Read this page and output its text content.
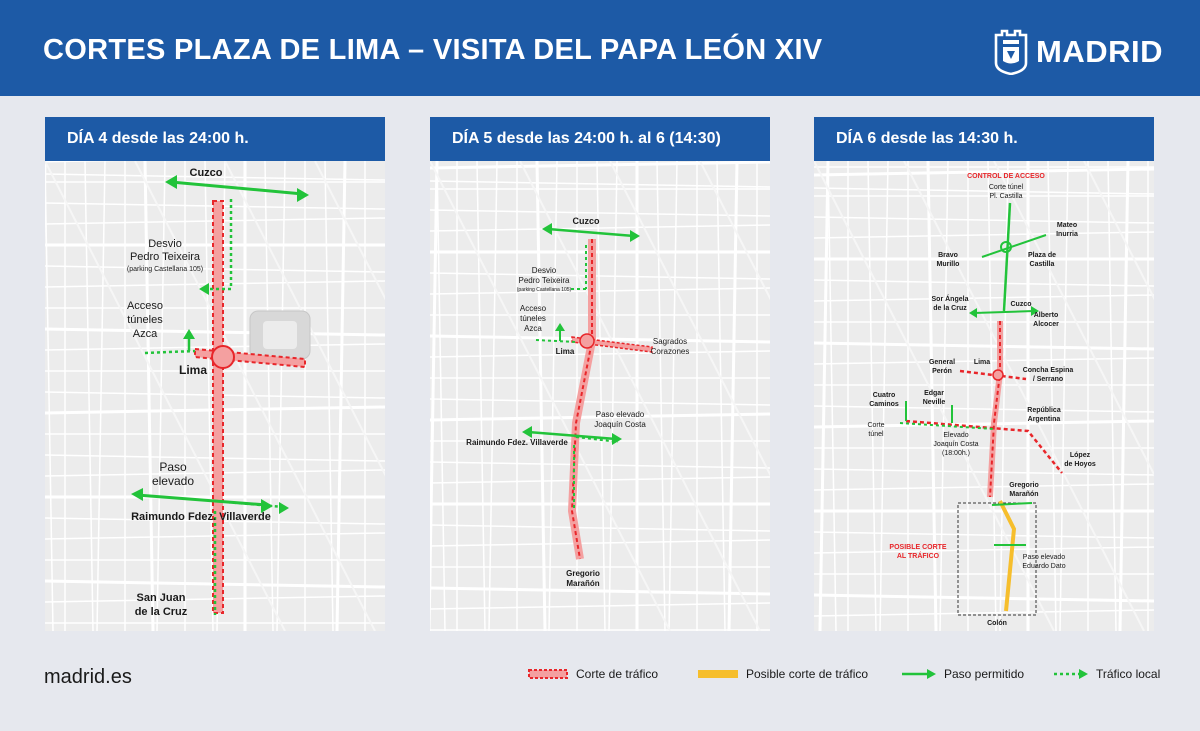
CORTES PLAZA DE LIMA – VISITA DEL PAPA LEÓN XIV	MADRID
DÍA 4 desde las 24:00 h.
Cuzco
Desvio
Pedro Teixeira
(parking Castellana 105)
Acceso
túneles
Azca
Lima
Paso
elevado
Raimundo Fdez. Villaverde
San Juan
de la Cruz
DÍA 5 desde las 24:00 h. al 6 (14:30)
Cuzco
Desvio
Pedro Teixeira
(parking Castellana 105)
Acceso
túneles
Azca
Lima
Sagrados
Corazones
Paso elevado
Joaquín Costa
Raimundo Fdez. Villaverde
Gregorio
Marañón
DÍA 6 desde las 14:30 h.
CONTROL DE ACCESO
Corte túnel
Pl. Castilla
Mateo
Inurria
Bravo
Murillo
Plaza de
Castilla
Sor Ángela
de la Cruz
Cuzco
Alberto
Alcocer
General
Perón
Lima
Concha Espina
/ Serrano
Cuatro
Caminos
Edgar
Neville
República
Argentina
Corte
túnel	Elevado
Joaquín Costa
(18:00h.)	López
de Hoyos
Gregorio
Marañón
POSIBLE CORTE
AL TRÁFICO	Paso elevado
Eduardo Dato
Colón
madrid.es	Corte de tráfico	Posible corte de tráfico	Paso permitido	Tráfico local
